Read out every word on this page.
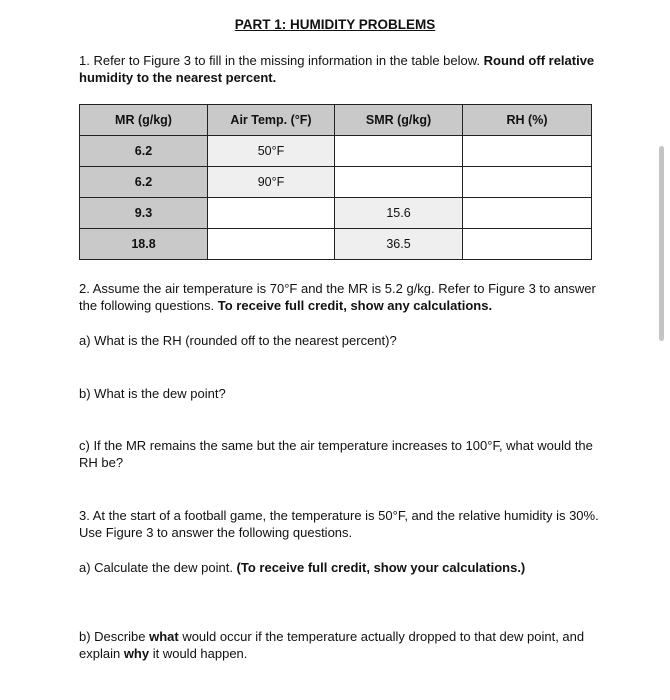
PART 1: HUMIDITY PROBLEMS
1. Refer to Figure 3 to fill in the missing information in the table below. Round off relative humidity to the nearest percent.
MR (g/kg)	Air Temp. (°F)	SMR (g/kg)	RH (%)
6.2	50°F		
6.2	90°F		
9.3		15.6	
18.8		36.5	
2. Assume the air temperature is 70°F and the MR is 5.2 g/kg. Refer to Figure 3 to answer the following questions. To receive full credit, show any calculations.
a) What is the RH (rounded off to the nearest percent)?
b) What is the dew point?
c) If the MR remains the same but the air temperature increases to 100°F, what would the RH be?
3. At the start of a football game, the temperature is 50°F, and the relative humidity is 30%. Use Figure 3 to answer the following questions.
a) Calculate the dew point. (To receive full credit, show your calculations.)
b) Describe what would occur if the temperature actually dropped to that dew point, and explain why it would happen.
